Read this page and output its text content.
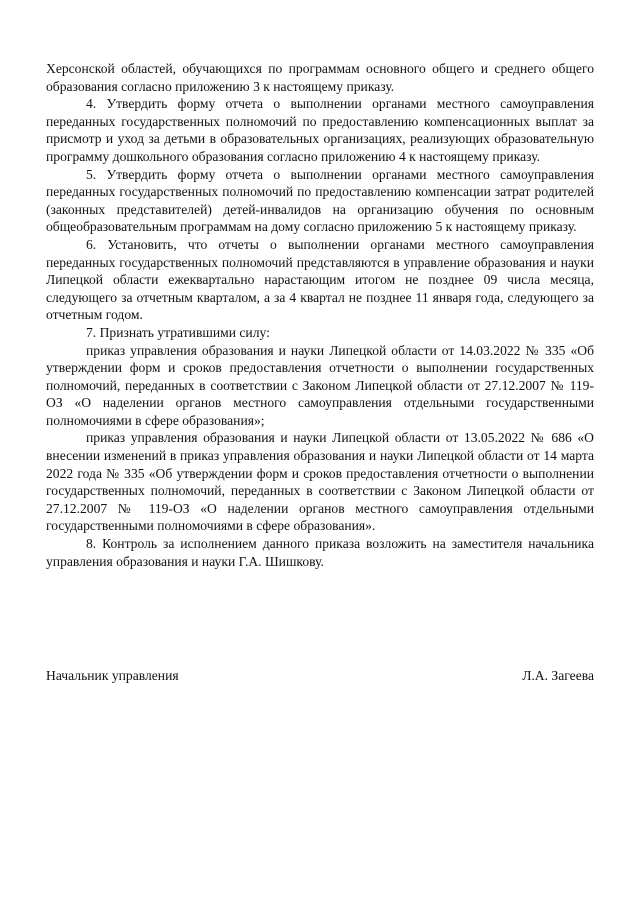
Херсонской областей, обучающихся по программам основного общего и среднего общего образования согласно приложению 3 к настоящему приказу.

4. Утвердить форму отчета о выполнении органами местного самоуправления переданных государственных полномочий по предоставлению компенсационных выплат за присмотр и уход за детьми в образовательных организациях, реализующих образовательную программу дошкольного образования согласно приложению 4 к настоящему приказу.

5. Утвердить форму отчета о выполнении органами местного самоуправления переданных государственных полномочий по предоставлению компенсации затрат родителей (законных представителей) детей-инвалидов на организацию обучения по основным общеобразовательным программам на дому согласно приложению 5 к настоящему приказу.

6. Установить, что отчеты о выполнении органами местного самоуправления переданных государственных полномочий представляются в управление образования и науки Липецкой области ежеквартально нарастающим итогом не позднее 09 числа месяца, следующего за отчетным кварталом, а за 4 квартал не позднее 11 января года, следующего за отчетным годом.

7. Признать утратившими силу:

приказ управления образования и науки Липецкой области от 14.03.2022 № 335 «Об утверждении форм и сроков предоставления отчетности о выполнении государственных полномочий, переданных в соответствии с Законом Липецкой области от 27.12.2007 № 119-ОЗ «О наделении органов местного самоуправления отдельными государственными полномочиями в сфере образования»;

приказ управления образования и науки Липецкой области от 13.05.2022 № 686 «О внесении изменений в приказ управления образования и науки Липецкой области от 14 марта 2022 года № 335 «Об утверждении форм и сроков предоставления отчетности о выполнении государственных полномочий, переданных в соответствии с Законом Липецкой области от 27.12.2007 № 119-ОЗ «О наделении органов местного самоуправления отдельными государственными полномочиями в сфере образования».

8. Контроль за исполнением данного приказа возложить на заместителя начальника управления образования и науки Г.А. Шишкову.

Начальник управления	Л.А. Загеева
